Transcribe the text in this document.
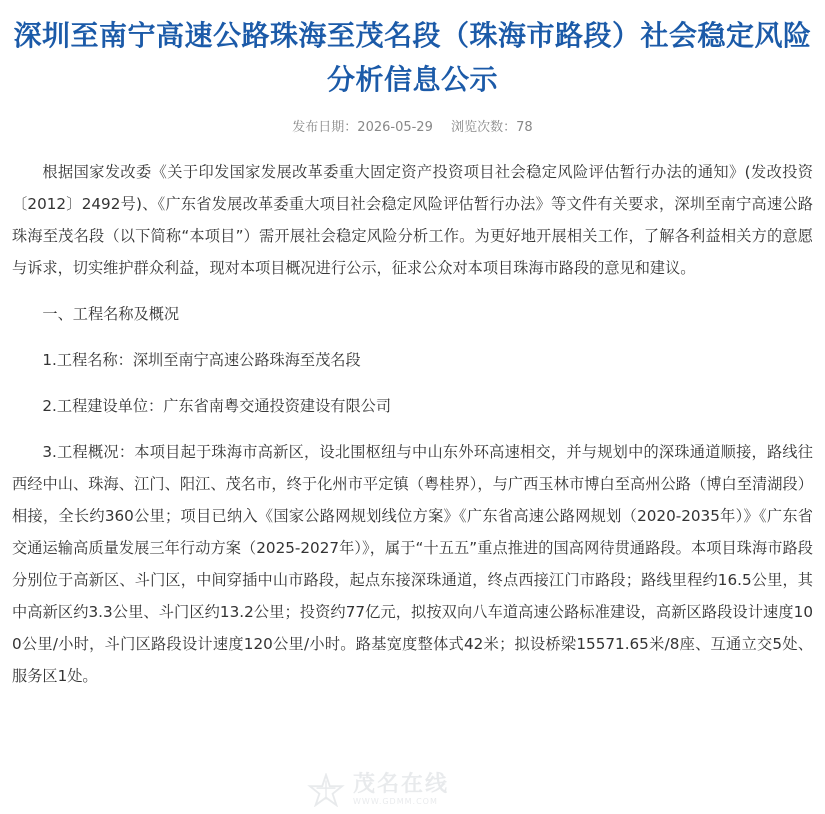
深圳至南宁高速公路珠海至茂名段（珠海市路段）社会稳定风险分析信息公示
发布日期：2026-05-29 浏览次数：78

根据国家发改委《关于印发国家发展改革委重大固定资产投资项目社会稳定风险评估暂行办法的通知》(发改投资〔2012〕2492号)、《广东省发展改革委重大项目社会稳定风险评估暂行办法》等文件有关要求，深圳至南宁高速公路珠海至茂名段（以下简称“本项目”）需开展社会稳定风险分析工作。为更好地开展相关工作，了解各利益相关方的意愿与诉求，切实维护群众利益，现对本项目概况进行公示，征求公众对本项目珠海市路段的意见和建议。

一、工程名称及概况

1.工程名称：深圳至南宁高速公路珠海至茂名段

2.工程建设单位：广东省南粤交通投资建设有限公司

3.工程概况：本项目起于珠海市高新区，设北围枢纽与中山东外环高速相交，并与规划中的深珠通道顺接，路线往西经中山、珠海、江门、阳江、茂名市，终于化州市平定镇（粤桂界），与广西玉林市博白至高州公路（博白至清湖段）相接，全长约360公里；项目已纳入《国家公路网规划线位方案》《广东省高速公路网规划（2020-2035年）》《广东省交通运输高质量发展三年行动方案（2025-2027年）》，属于“十五五”重点推进的国高网待贯通路段。本项目珠海市路段分别位于高新区、斗门区，中间穿插中山市路段，起点东接深珠通道，终点西接江门市路段；路线里程约16.5公里，其中高新区约3.3公里、斗门区约13.2公里；投资约77亿元，拟按双向八车道高速公路标准建设，高新区路段设计速度100公里/小时，斗门区路段设计速度120公里/小时。路基宽度整体式42米；拟设桥梁15571.65米/8座、互通立交5处、服务区1处。

茂名在线
WWW.GDMM.COM
